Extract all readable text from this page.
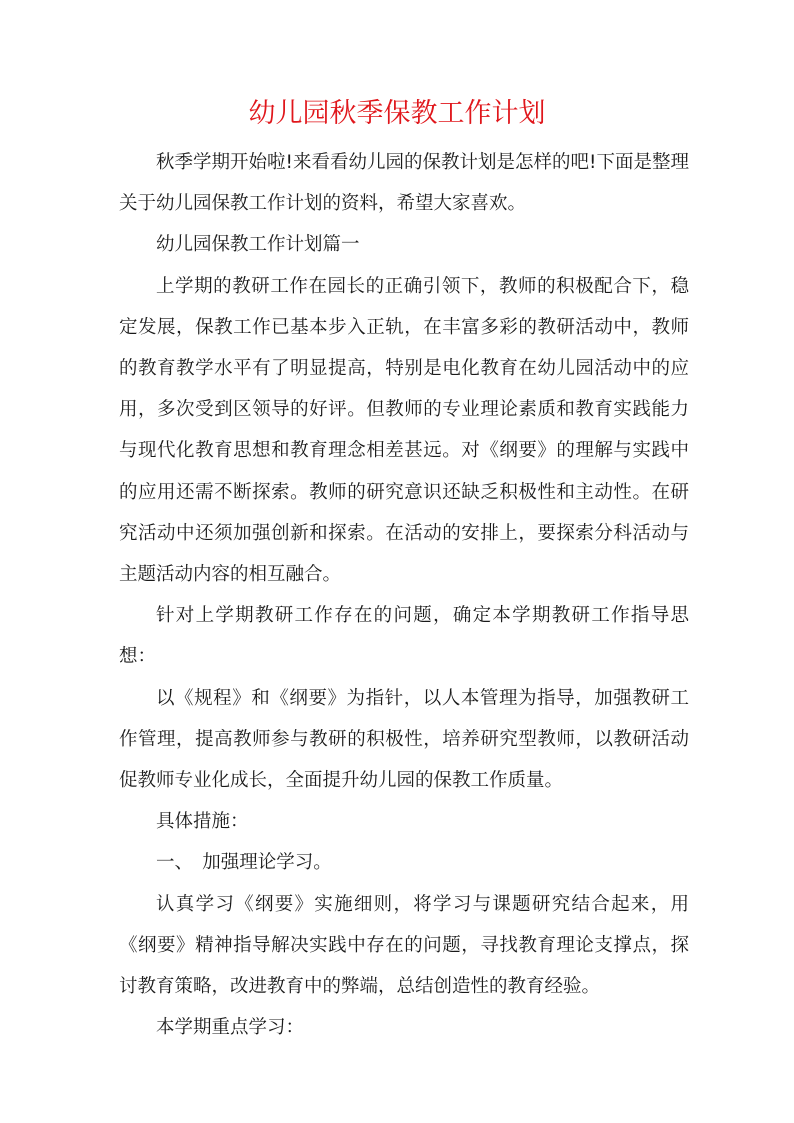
幼儿园秋季保教工作计划

秋季学期开始啦!来看看幼儿园的保教计划是怎样的吧!下面是整理关于幼儿园保教工作计划的资料，希望大家喜欢。

幼儿园保教工作计划篇一

上学期的教研工作在园长的正确引领下，教师的积极配合下，稳定发展，保教工作已基本步入正轨，在丰富多彩的教研活动中，教师的教育教学水平有了明显提高，特别是电化教育在幼儿园活动中的应用，多次受到区领导的好评。但教师的专业理论素质和教育实践能力与现代化教育思想和教育理念相差甚远。对《纲要》的理解与实践中的应用还需不断探索。教师的研究意识还缺乏积极性和主动性。在研究活动中还须加强创新和探索。在活动的安排上，要探索分科活动与主题活动内容的相互融合。

针对上学期教研工作存在的问题，确定本学期教研工作指导思想：

以《规程》和《纲要》为指针，以人本管理为指导，加强教研工作管理，提高教师参与教研的积极性，培养研究型教师，以教研活动促教师专业化成长，全面提升幼儿园的保教工作质量。

具体措施：

一、　加强理论学习。

认真学习《纲要》实施细则，将学习与课题研究结合起来，用《纲要》精神指导解决实践中存在的问题，寻找教育理论支撑点，探讨教育策略，改进教育中的弊端，总结创造性的教育经验。

本学期重点学习：
